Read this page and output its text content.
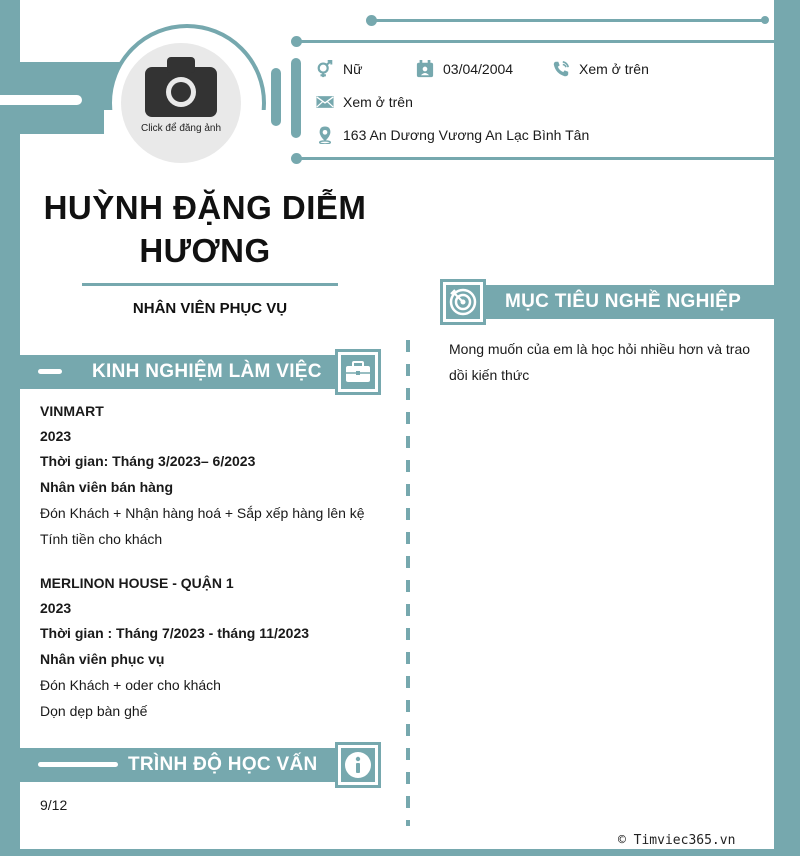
Click để đăng ảnh
Nữ	03/04/2004	Xem ở trên
Xem ở trên
163 An Dương Vương An Lạc Bình Tân
HUỲNH ĐẶNG DIỄM
HƯƠNG
NHÂN VIÊN PHỤC VỤ
KINH NGHIỆM LÀM VIỆC
VINMART
2023
Thời gian: Tháng 3/2023– 6/2023
Nhân viên bán hàng
Đón Khách + Nhận hàng hoá + Sắp xếp hàng lên kệ
Tính tiền cho khách
MERLINON HOUSE - QUẬN 1
2023
Thời gian : Tháng 7/2023 - tháng 11/2023
Nhân viên phục vụ
Đón Khách + oder cho khách
Dọn dẹp bàn ghế
TRÌNH ĐỘ HỌC VẤN
9/12
MỤC TIÊU NGHỀ NGHIỆP
Mong muốn của em là học hỏi nhiều hơn và trao dồi kiến thức
© Timviec365.vn
